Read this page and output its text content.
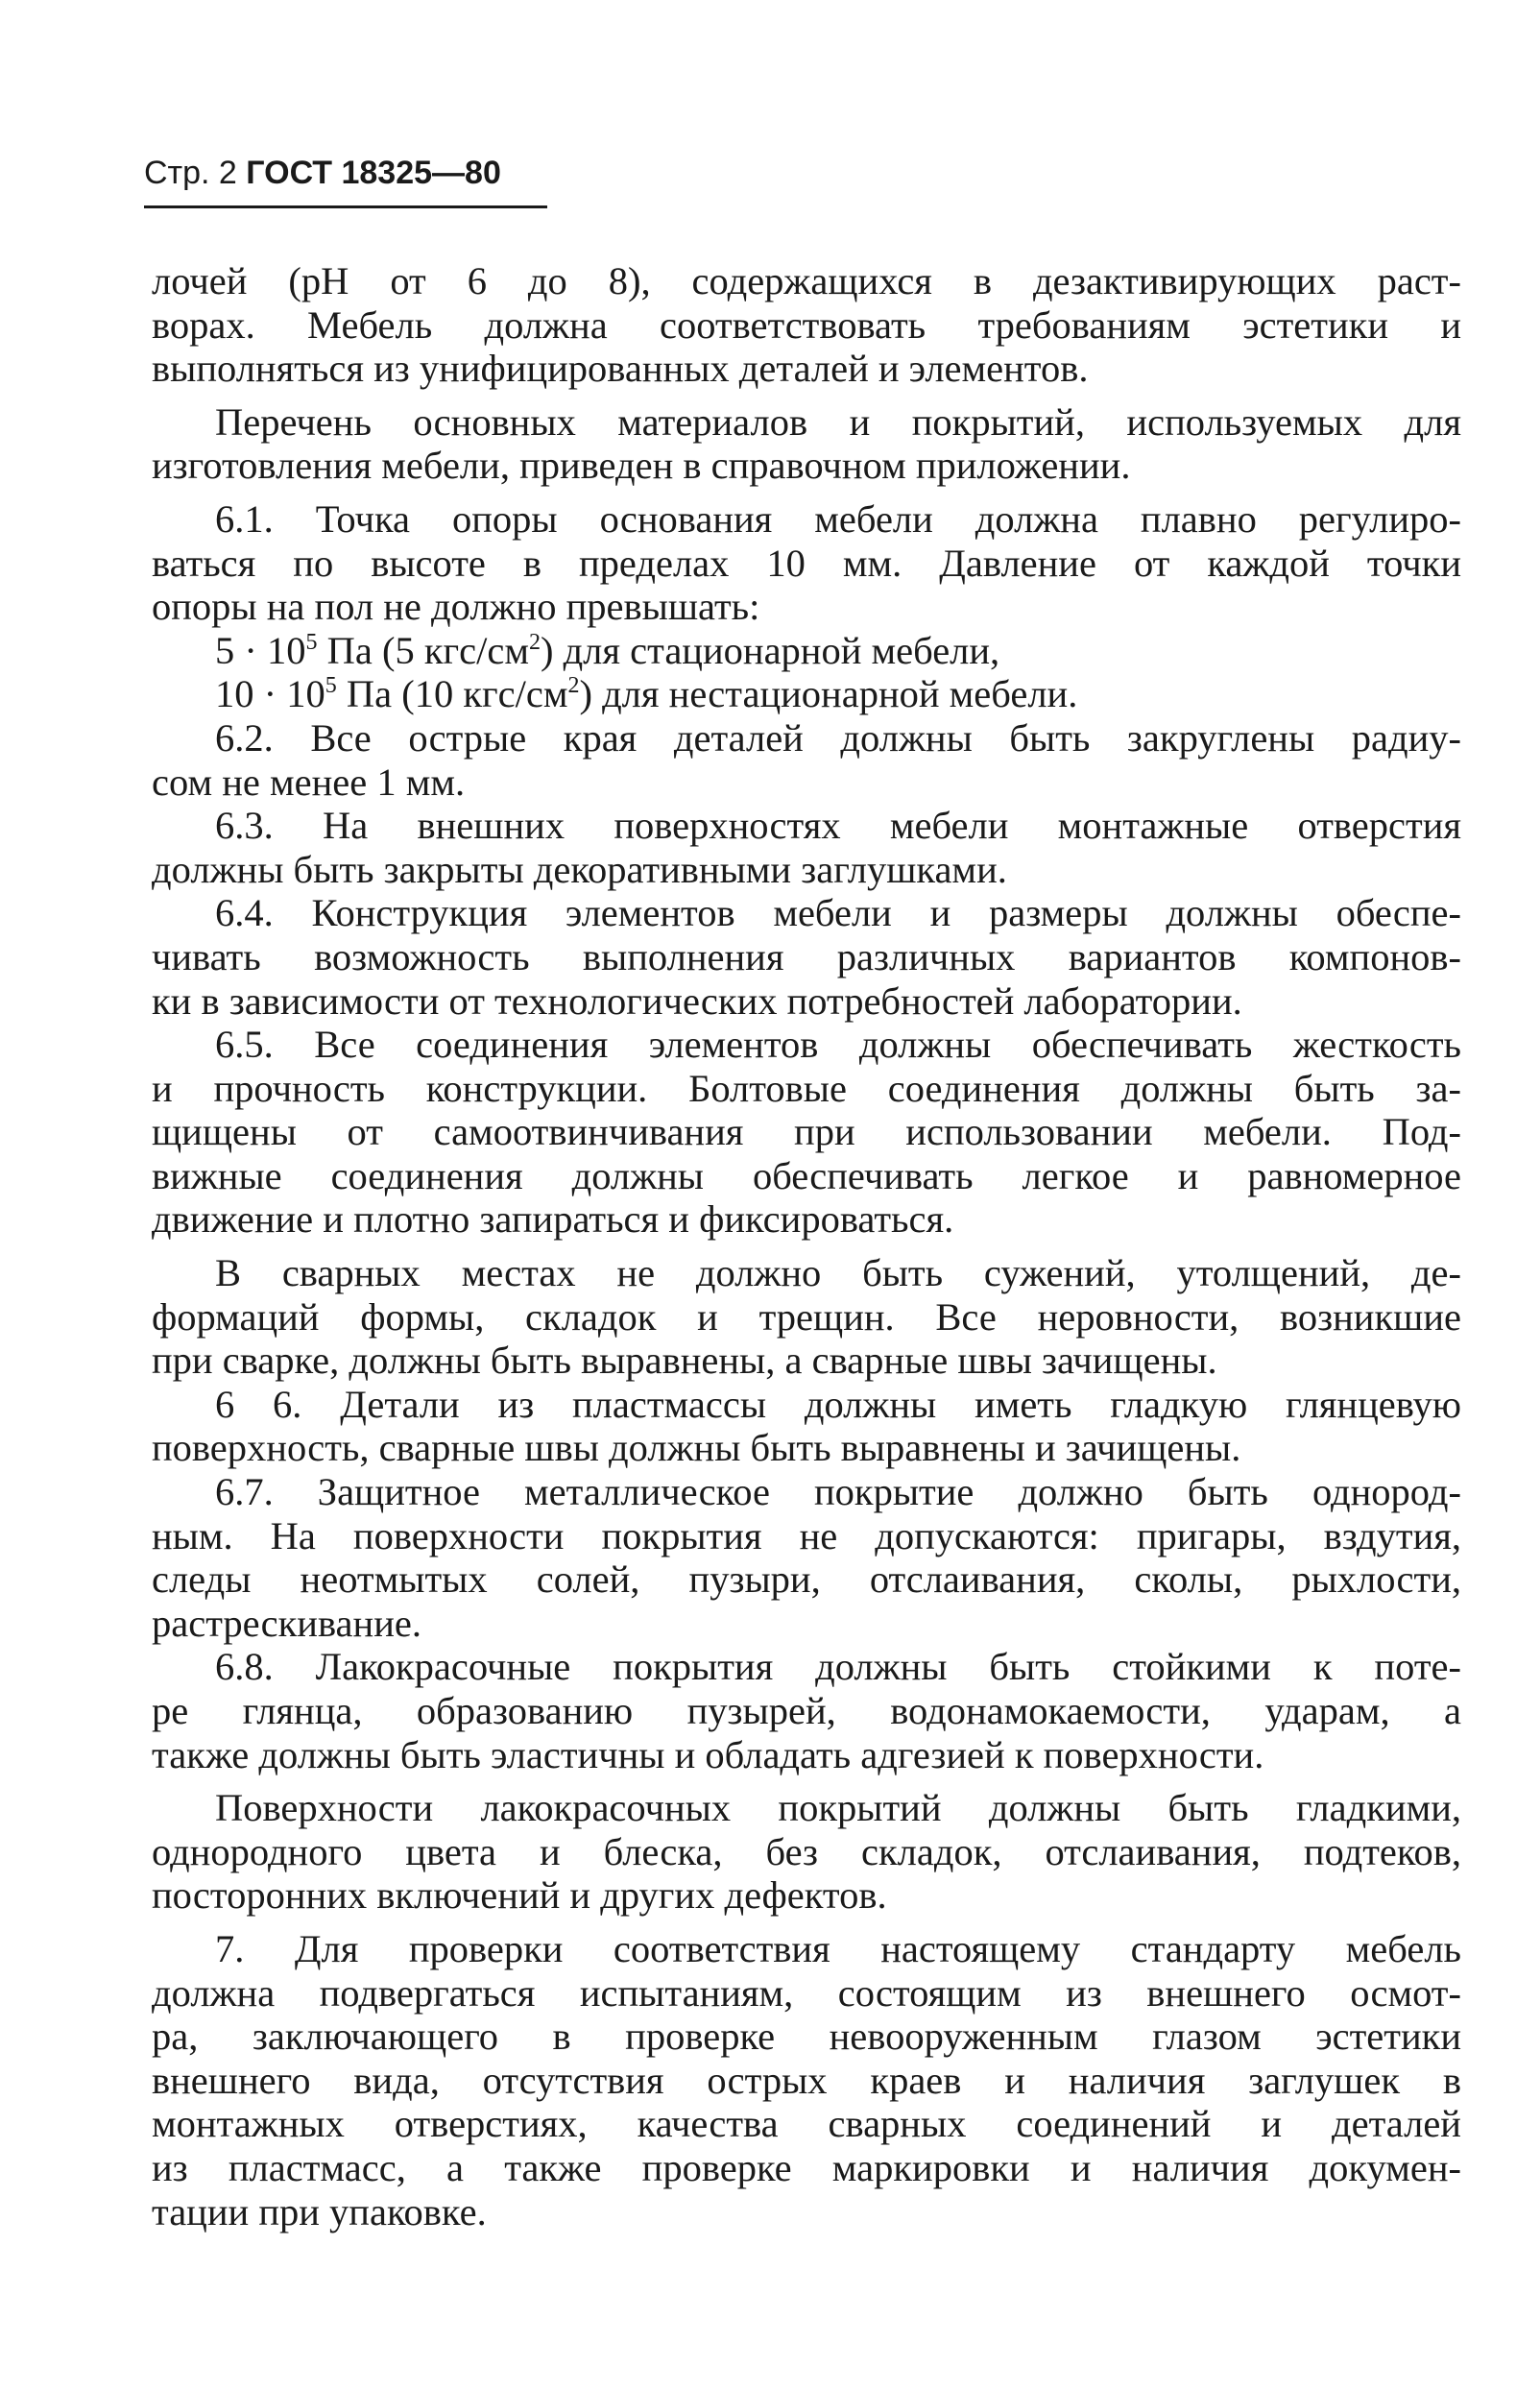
Стр. 2 ГОСТ 18325—80
лочей (рН от 6 до 8), содержащихся в дезактивирующих раст-
ворах. Мебель должна соответствовать требованиям эстетики и
выполняться из унифицированных деталей и элементов.
Перечень основных материалов и покрытий, используемых для
изготовления мебели, приведен в справочном приложении.
6.1. Точка опоры основания мебели должна плавно регулиро-
ваться по высоте в пределах 10 мм. Давление от каждой точки
опоры на пол не должно превышать:
$5 \cdot 10^5$ Па (5 кгс/$см^2$) для стационарной мебели,
$10 \cdot 10^5$ Па (10 кгс/$см^2$) для нестационарной мебели.
6.2. Все острые края деталей должны быть закруглены радиу-
сом не менее 1 мм.
6.3. На внешних поверхностях мебели монтажные отверстия
должны быть закрыты декоративными заглушками.
6.4. Конструкция элементов мебели и размеры должны обеспе-
чивать возможность выполнения различных вариантов компонов-
ки в зависимости от технологических потребностей лаборатории.
6.5. Все соединения элементов должны обеспечивать жесткость
и прочность конструкции. Болтовые соединения должны быть за-
щищены от самоотвинчивания при использовании мебели. Под-
вижные соединения должны обеспечивать легкое и равномерное
движение и плотно запираться и фиксироваться.
В сварных местах не должно быть сужений, утолщений, де-
формаций формы, складок и трещин. Все неровности, возникшие
при сварке, должны быть выравнены, а сварные швы зачищены.
6 6. Детали из пластмассы должны иметь гладкую глянцевую
поверхность, сварные швы должны быть выравнены и зачищены.
6.7. Защитное металлическое покрытие должно быть однород-
ным. На поверхности покрытия не допускаются: пригары, вздутия,
следы неотмытых солей, пузыри, отслаивания, сколы, рыхлости,
растрескивание.
6.8. Лакокрасочные покрытия должны быть стойкими к поте-
ре глянца, образованию пузырей, водонамокаемости, ударам, а
также должны быть эластичны и обладать адгезией к поверхности.
Поверхности лакокрасочных покрытий должны быть гладкими,
однородного цвета и блеска, без складок, отслаивания, подтеков,
посторонних включений и других дефектов.
7. Для проверки соответствия настоящему стандарту мебель
должна подвергаться испытаниям, состоящим из внешнего осмот-
ра, заключающего в проверке невооруженным глазом эстетики
внешнего вида, отсутствия острых краев и наличия заглушек в
монтажных отверстиях, качества сварных соединений и деталей
из пластмасс, а также проверке маркировки и наличия докумен-
тации при упаковке.
